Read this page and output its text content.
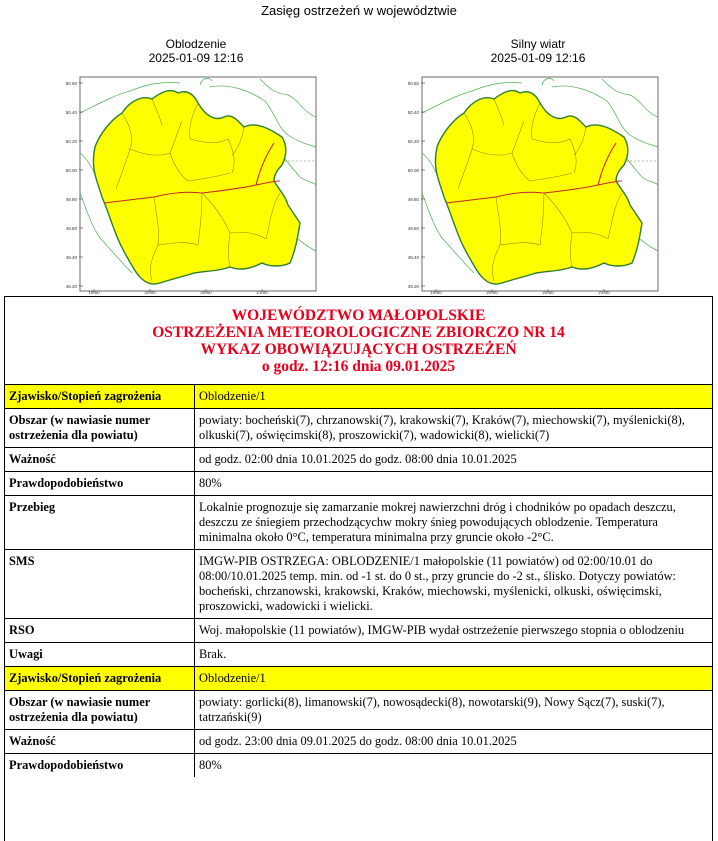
Zasięg ostrzeżeń w województwie
Oblodzenie
2025-01-09 12:16
Silny wiatr
2025-01-09 12:16
50.60
50.40
50.20
50.00
49.80
49.60
49.40
49.20
19.50	20.00	20.50	21.00
50.60
50.40
50.20
50.00
49.80
49.60
49.40
49.20
19.50	20.00	20.50	21.00
WOJEWÓDZTWO MAŁOPOLSKIE
OSTRZEŻENIA METEOROLOGICZNE ZBIORCZO NR 14
WYKAZ OBOWIĄZUJĄCYCH OSTRZEŻEŃ
o godz. 12:16 dnia 09.01.2025
Zjawisko/Stopień zagrożenia	Oblodzenie/1
Obszar (w nawiasie numer ostrzeżenia dla powiatu)	powiaty: bocheński(7), chrzanowski(7), krakowski(7), Kraków(7), miechowski(7), myślenicki(8), olkuski(7), oświęcimski(8), proszowicki(7), wadowicki(8), wielicki(7)
Ważność	od godz. 02:00 dnia 10.01.2025 do godz. 08:00 dnia 10.01.2025
Prawdopodobieństwo	80%
Przebieg	Lokalnie prognozuje się zamarzanie mokrej nawierzchni dróg i chodników po opadach deszczu, deszczu ze śniegiem przechodzącychw mokry śnieg powodujących oblodzenie. Temperatura minimalna około 0°C, temperatura minimalna przy gruncie około -2°C.
SMS	IMGW-PIB OSTRZEGA: OBLODZENIE/1 małopolskie (11 powiatów) od 02:00/10.01 do 08:00/10.01.2025 temp. min. od -1 st. do 0 st., przy gruncie do -2 st., ślisko. Dotyczy powiatów: bocheński, chrzanowski, krakowski, Kraków, miechowski, myślenicki, olkuski, oświęcimski, proszowicki, wadowicki i wielicki.
RSO	Woj. małopolskie (11 powiatów), IMGW-PIB wydał ostrzeżenie pierwszego stopnia o oblodzeniu
Uwagi	Brak.
Zjawisko/Stopień zagrożenia	Oblodzenie/1
Obszar (w nawiasie numer ostrzeżenia dla powiatu)	powiaty: gorlicki(8), limanowski(7), nowosądecki(8), nowotarski(9), Nowy Sącz(7), suski(7), tatrzański(9)
Ważność	od godz. 23:00 dnia 09.01.2025 do godz. 08:00 dnia 10.01.2025
Prawdopodobieństwo	80%
